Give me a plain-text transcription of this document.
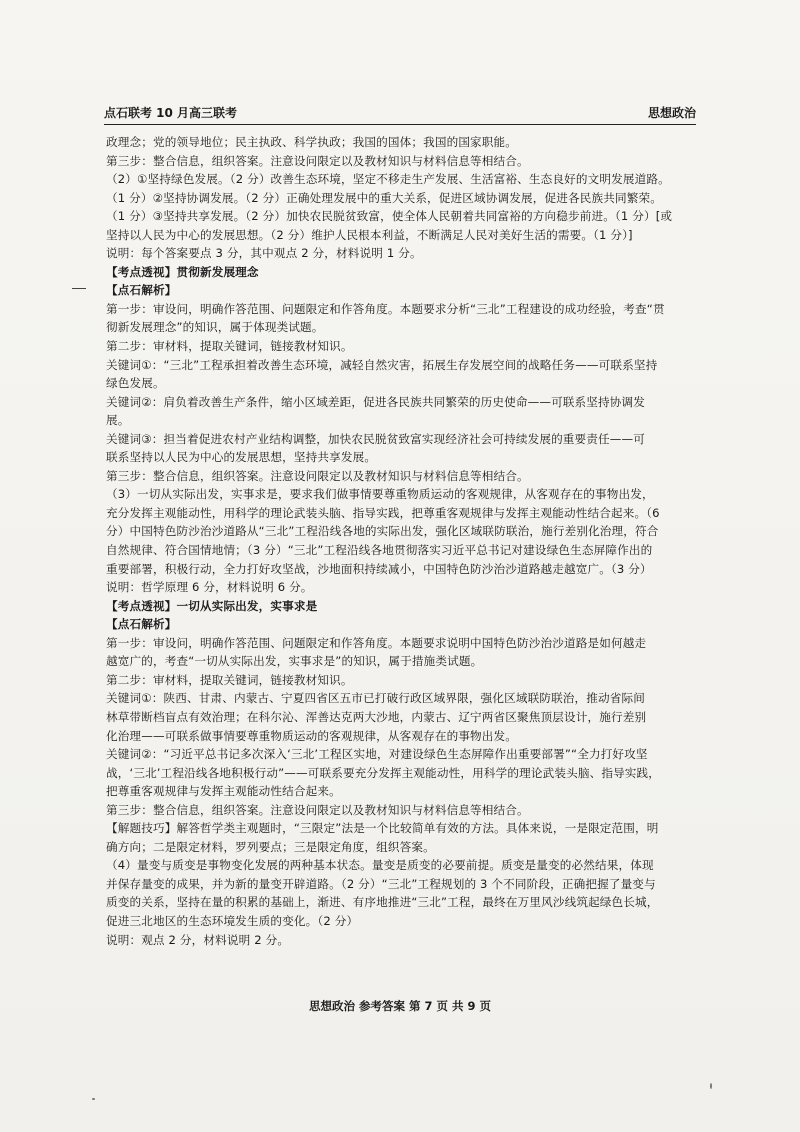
点石联考 10 月高三联考	思想政治
政理念；党的领导地位；民主执政、科学执政；我国的国体；我国的国家职能。
第三步：整合信息，组织答案。注意设问限定以及教材知识与材料信息等相结合。
（2）①坚持绿色发展。（2 分）改善生态环境，坚定不移走生产发展、生活富裕、生态良好的文明发展道路。
（1 分）②坚持协调发展。（2 分）正确处理发展中的重大关系，促进区域协调发展，促进各民族共同繁荣。
（1 分）③坚持共享发展。（2 分）加快农民脱贫致富，使全体人民朝着共同富裕的方向稳步前进。（1 分）[或
坚持以人民为中心的发展思想。（2 分）维护人民根本利益，不断满足人民对美好生活的需要。（1 分）]
说明：每个答案要点 3 分，其中观点 2 分，材料说明 1 分。
【考点透视】贯彻新发展理念
【点石解析】
第一步：审设问，明确作答范围、问题限定和作答角度。本题要求分析“三北”工程建设的成功经验，考查“贯
彻新发展理念”的知识，属于体现类试题。
第二步：审材料，提取关键词，链接教材知识。
关键词①：“三北”工程承担着改善生态环境，减轻自然灾害，拓展生存发展空间的战略任务——可联系坚持
绿色发展。
关键词②：肩负着改善生产条件，缩小区域差距，促进各民族共同繁荣的历史使命——可联系坚持协调发
展。
关键词③：担当着促进农村产业结构调整，加快农民脱贫致富实现经济社会可持续发展的重要责任——可
联系坚持以人民为中心的发展思想，坚持共享发展。
第三步：整合信息，组织答案。注意设问限定以及教材知识与材料信息等相结合。
（3）一切从实际出发，实事求是，要求我们做事情要尊重物质运动的客观规律，从客观存在的事物出发，
充分发挥主观能动性，用科学的理论武装头脑、指导实践，把尊重客观规律与发挥主观能动性结合起来。（6
分）中国特色防沙治沙道路从“三北”工程沿线各地的实际出发，强化区域联防联治，施行差别化治理，符合
自然规律、符合国情地情；（3 分）“三北”工程沿线各地贯彻落实习近平总书记对建设绿色生态屏障作出的
重要部署，积极行动，全力打好攻坚战，沙地面积持续减小，中国特色防沙治沙道路越走越宽广。（3 分）
说明：哲学原理 6 分，材料说明 6 分。
【考点透视】一切从实际出发，实事求是
【点石解析】
第一步：审设问，明确作答范围、问题限定和作答角度。本题要求说明中国特色防沙治沙道路是如何越走
越宽广的，考查“一切从实际出发，实事求是”的知识，属于措施类试题。
第二步：审材料，提取关键词，链接教材知识。
关键词①：陕西、甘肃、内蒙古、宁夏四省区五市已打破行政区域界限，强化区域联防联治，推动省际间
林草带断档盲点有效治理；在科尔沁、浑善达克两大沙地，内蒙古、辽宁两省区聚焦顶层设计，施行差别
化治理——可联系做事情要尊重物质运动的客观规律，从客观存在的事物出发。
关键词②：“习近平总书记多次深入‘三北’工程区实地，对建设绿色生态屏障作出重要部署”“全力打好攻坚
战，‘三北’工程沿线各地积极行动”——可联系要充分发挥主观能动性，用科学的理论武装头脑、指导实践，
把尊重客观规律与发挥主观能动性结合起来。
第三步：整合信息，组织答案。注意设问限定以及教材知识与材料信息等相结合。
【解题技巧】解答哲学类主观题时，“三限定”法是一个比较简单有效的方法。具体来说，一是限定范围，明
确方向；二是限定材料，罗列要点；三是限定角度，组织答案。
（4）量变与质变是事物变化发展的两种基本状态。量变是质变的必要前提。质变是量变的必然结果，体现
并保存量变的成果，并为新的量变开辟道路。（2 分）“三北”工程规划的 3 个不同阶段，正确把握了量变与
质变的关系，坚持在量的积累的基础上，渐进、有序地推进“三北”工程，最终在万里风沙线筑起绿色长城，
促进三北地区的生态环境发生质的变化。（2 分）
说明：观点 2 分，材料说明 2 分。
思想政治 参考答案 第 7 页 共 9 页
